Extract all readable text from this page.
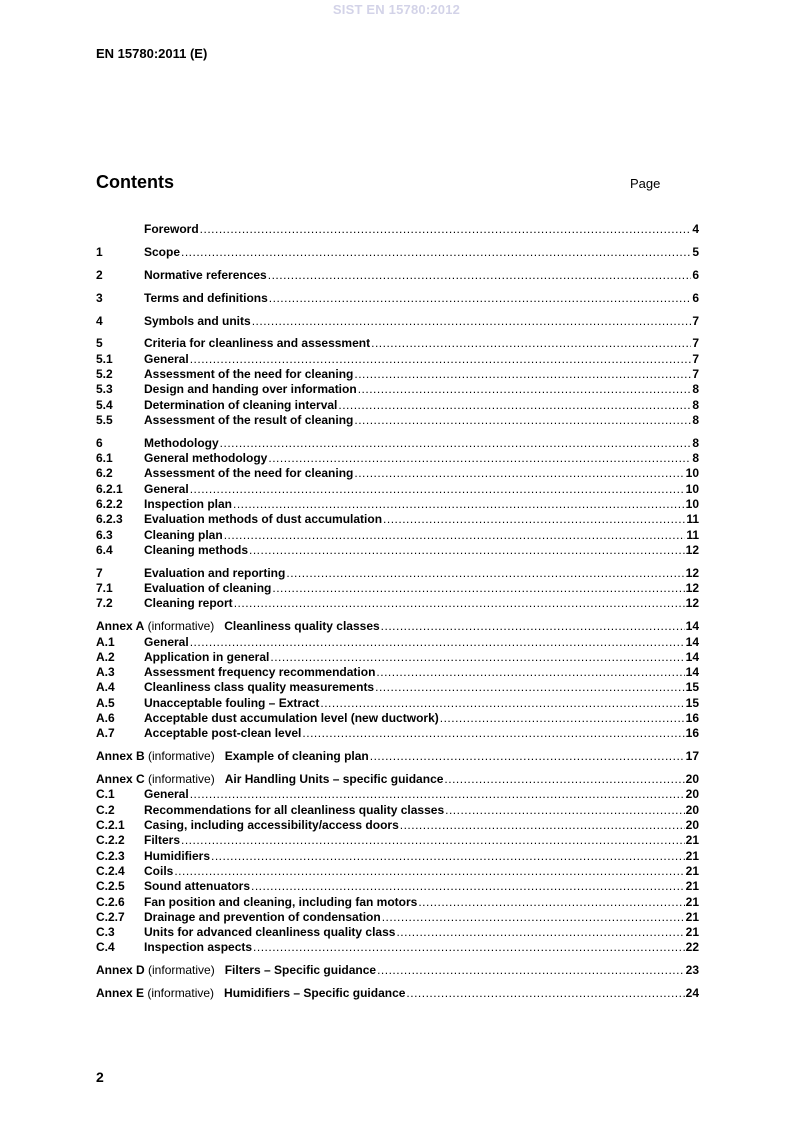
SIST EN 15780:2012
EN 15780:2011 (E)
Contents	Page
Foreword .....	4
1	Scope .....	5
2	Normative references .....	6
3	Terms and definitions .....	6
4	Symbols and units .....	7
5	Criteria for cleanliness and assessment .....	7
5.1	General .....	7
5.2	Assessment of the need for cleaning .....	7
5.3	Design and handing over information .....	8
5.4	Determination of cleaning interval .....	8
5.5	Assessment of the result of cleaning .....	8
6	Methodology .....	8
6.1	General methodology .....	8
6.2	Assessment of the need for cleaning .....	10
6.2.1	General .....	10
6.2.2	Inspection plan .....	10
6.2.3	Evaluation methods of dust accumulation .....	11
6.3	Cleaning plan .....	11
6.4	Cleaning methods .....	12
7	Evaluation and reporting .....	12
7.1	Evaluation of cleaning .....	12
7.2	Cleaning report .....	12
Annex A (informative) Cleanliness quality classes .....	14
A.1	General .....	14
A.2	Application in general .....	14
A.3	Assessment frequency recommendation .....	14
A.4	Cleanliness class quality measurements .....	15
A.5	Unacceptable fouling – Extract .....	15
A.6	Acceptable dust accumulation level (new ductwork) .....	16
A.7	Acceptable post-clean level .....	16
Annex B (informative) Example of cleaning plan .....	17
Annex C (informative) Air Handling Units – specific guidance .....	20
C.1	General .....	20
C.2	Recommendations for all cleanliness quality classes .....	20
C.2.1	Casing, including accessibility/access doors .....	20
C.2.2	Filters .....	21
C.2.3	Humidifiers .....	21
C.2.4	Coils .....	21
C.2.5	Sound attenuators .....	21
C.2.6	Fan position and cleaning, including fan motors .....	21
C.2.7	Drainage and prevention of condensation .....	21
C.3	Units for advanced cleanliness quality class .....	21
C.4	Inspection aspects .....	22
Annex D (informative) Filters – Specific guidance .....	23
Annex E (informative) Humidifiers – Specific guidance .....	24
2
